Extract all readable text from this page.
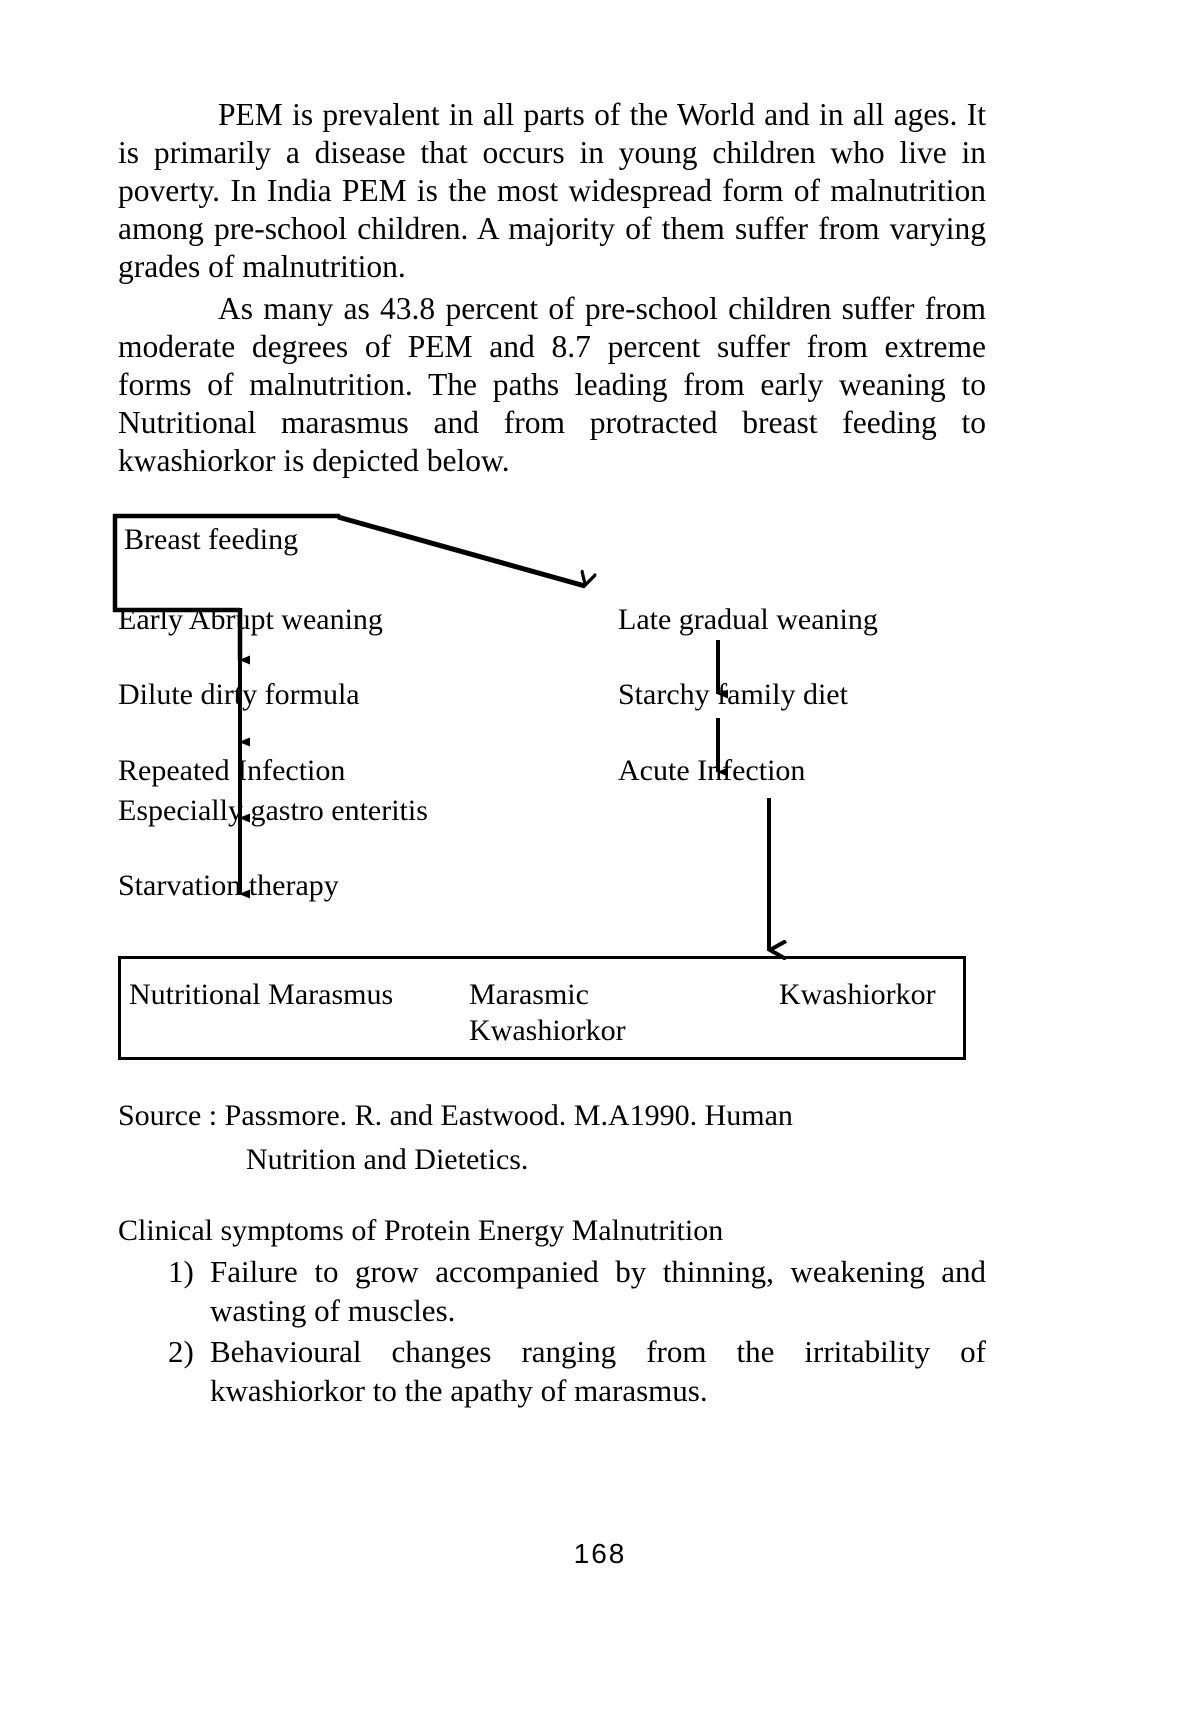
PEM is prevalent in all parts of the World and in all ages. It is primarily a disease that occurs in young children who live in poverty. In India PEM is the most widespread form of malnutrition among pre-school children. A majority of them suffer from varying grades of malnutrition.

As many as 43.8 percent of pre-school children suffer from moderate degrees of PEM and 8.7 percent suffer from extreme forms of malnutrition. The paths leading from early weaning to Nutritional marasmus and from protracted breast feeding to kwashiorkor is depicted below.

Breast feeding
Early Abrupt weaning
Dilute dirty formula
Repeated Infection
Especially gastro enteritis
Starvation therapy
Late gradual weaning
Starchy family diet
Acute Infection
Nutritional Marasmus	Marasmic
Kwashiorkor
Kwashiorkor
Source : Passmore. R. and Eastwood. M.A1990. Human
Nutrition and Dietetics.
Clinical symptoms of Protein Energy Malnutrition
1) Failure to grow accompanied by thinning, weakening and wasting of muscles.
2) Behavioural changes ranging from the irritability of kwashiorkor to the apathy of marasmus.
168
